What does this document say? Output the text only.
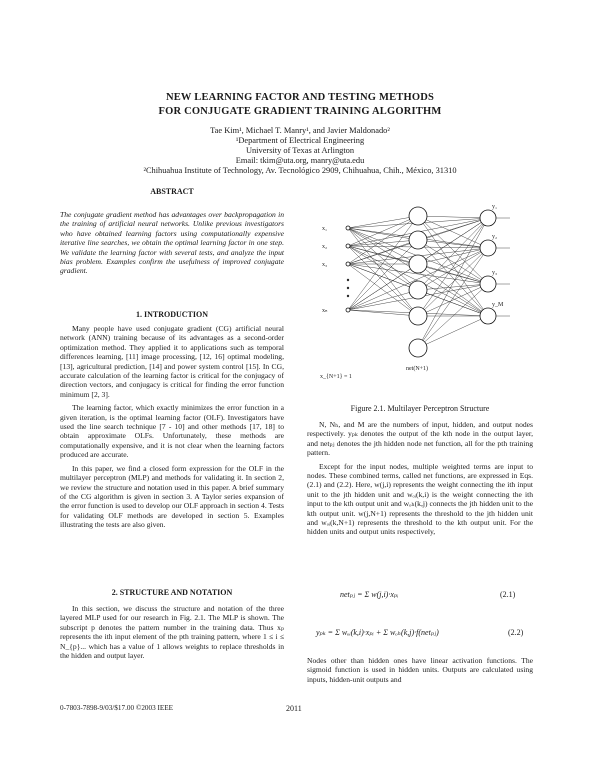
NEW LEARNING FACTOR AND TESTING METHODS
FOR CONJUGATE GRADIENT TRAINING ALGORITHM
Tae Kim¹, Michael T. Manry¹, and Javier Maldonado²
¹Department of Electrical Engineering
University of Texas at Arlington
Email: tkim@uta.org, manry@uta.edu
²Chihuahua Institute of Technology, Av. Tecnológico 2909, Chihuahua, Chih., México, 31310
ABSTRACT
The conjugate gradient method has advantages over backpropagation in the training of artificial neural networks. Unlike previous investigators who have obtained learning factors using computationally expensive iterative line searches, we obtain the optimal learning factor in one step. We validate the learning factor with several tests, and analyze the input bias problem. Examples confirm the usefulness of improved conjugate gradient.
1. INTRODUCTION

Many people have used conjugate gradient (CG) artificial neural network (ANN) training because of its advantages as a second-order optimization method. They applied it to applications such as temporal differences learning, [11] image processing, [12, 16] optimal modeling, [13], agricultural prediction, [14] and power system control [15]. In CG, accurate calculation of the learning factor is critical for the conjugacy of direction vectors, and conjugacy is critical for finding the error function minimum [2, 3].

The learning factor, which exactly minimizes the error function in a given iteration, is the optimal learning factor (OLF). Investigators have used the line search technique [7 - 10] and other methods [17, 18] to obtain approximate OLFs. Unfortunately, these methods are computationally expensive, and it is not clear when the learning factors produced are accurate.

In this paper, we find a closed form expression for the OLF in the multilayer perceptron (MLP) and methods for validating it. In section 2, we review the structure and notation used in this paper. A brief summary of the CG algorithm is given in section 3. A Taylor series expansion of the error function is used to develop our OLF approach in section 4. Tests for validating OLF methods are developed in section 5. Examples illustrating the tests are also given.

2. STRUCTURE AND NOTATION

In this section, we discuss the structure and notation of the three layered MLP used for our research in Fig. 2.1. The MLP is shown. The subscript p denotes the pattern number in the training data. Thus xₚ represents the ith input element of the pth training pattern, where 1 ≤ i ≤ N_{p}... which has a value of 1 allows weights to replace thresholds in the hidden and output layer.

x₁
x₂
x₃
xₙ
x_{N+1} = 1
net(N+1)
y₁
y₂
y₃
y_M
Figure 2.1. Multilayer Perceptron Structure

N, Nₕ, and M are the numbers of input, hidden, and output nodes respectively. yₚₖ denotes the output of the kth node in the output layer, and netₚⱼ denotes the jth hidden node net function, all for the pth training pattern.

Except for the input nodes, multiple weighted terms are input to nodes. These combined terms, called net functions, are expressed in Eqs. (2.1) and (2.2). Here, w(j,i) represents the weight connecting the ith input unit to the jth hidden unit and wₒᵢ(k,i) is the weight connecting the ith input to the kth output unit and wₒₕ(k,j) connects the jth hidden unit to the kth output unit. w(j,N+1) represents the threshold to the jth hidden unit and wₒᵢ(k,N+1) represents the threshold to the kth output unit. For the hidden units and output units respectively,

netₚⱼ = Σ w(j,i)·xₚᵢ	(2.1)
yₚₖ = Σ wₒᵢ(k,i)·xₚᵢ + Σ wₒₕ(k,j)·f(netₚⱼ)	(2.2)
Nodes other than hidden ones have linear activation functions. The sigmoid function is used in hidden units. Outputs are calculated using inputs, hidden-unit outputs and
0-7803-7898-9/03/$17.00 ©2003 IEEE	2011
